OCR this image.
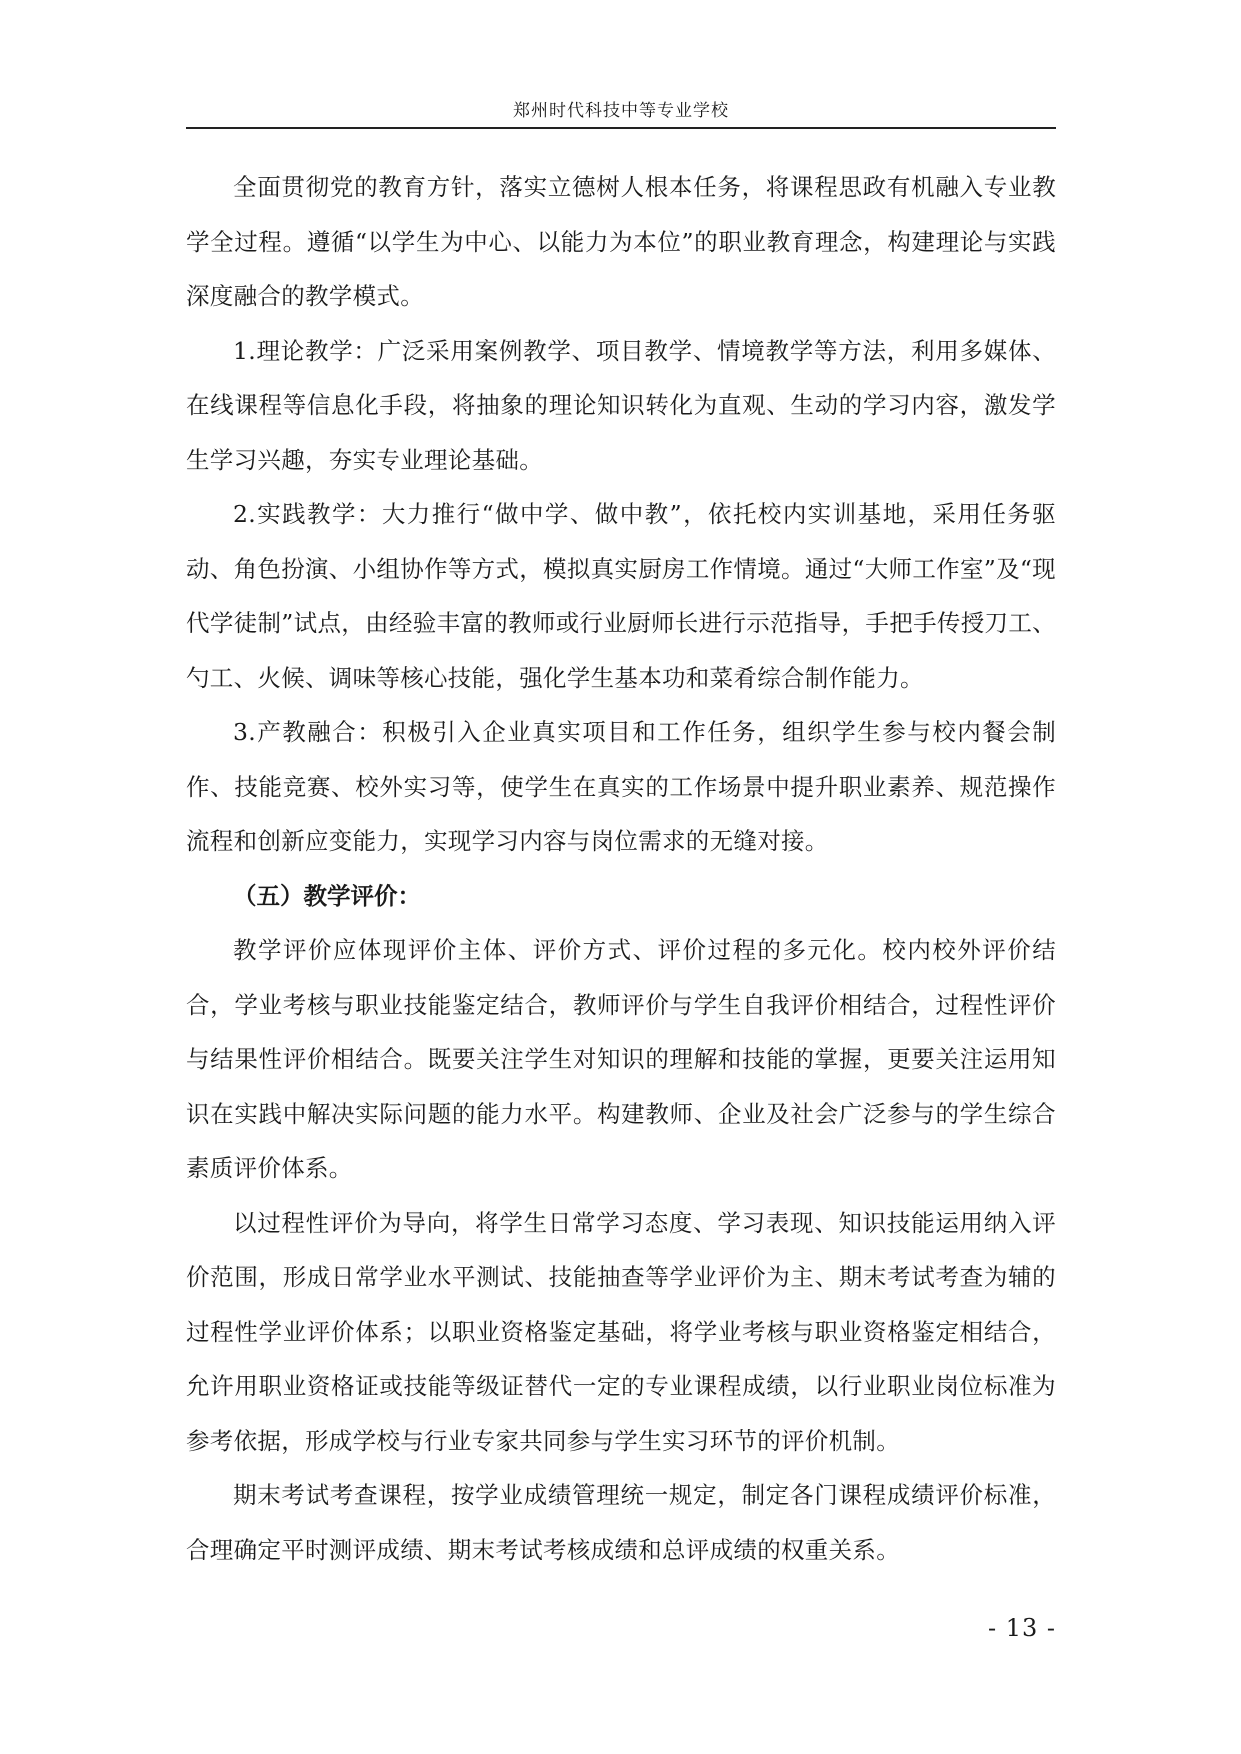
郑州时代科技中等专业学校

全面贯彻党的教育方针，落实立德树人根本任务，将课程思政有机融入专业教学全过程。遵循“以学生为中心、以能力为本位”的职业教育理念，构建理论与实践深度融合的教学模式。

1.理论教学：广泛采用案例教学、项目教学、情境教学等方法，利用多媒体、在线课程等信息化手段，将抽象的理论知识转化为直观、生动的学习内容，激发学生学习兴趣，夯实专业理论基础。

2.实践教学：大力推行“做中学、做中教”，依托校内实训基地，采用任务驱动、角色扮演、小组协作等方式，模拟真实厨房工作情境。通过“大师工作室”及“现代学徒制”试点，由经验丰富的教师或行业厨师长进行示范指导，手把手传授刀工、勺工、火候、调味等核心技能，强化学生基本功和菜肴综合制作能力。

3.产教融合：积极引入企业真实项目和工作任务，组织学生参与校内餐会制作、技能竞赛、校外实习等，使学生在真实的工作场景中提升职业素养、规范操作流程和创新应变能力，实现学习内容与岗位需求的无缝对接。

（五）教学评价：

教学评价应体现评价主体、评价方式、评价过程的多元化。校内校外评价结合，学业考核与职业技能鉴定结合，教师评价与学生自我评价相结合，过程性评价与结果性评价相结合。既要关注学生对知识的理解和技能的掌握，更要关注运用知识在实践中解决实际问题的能力水平。构建教师、企业及社会广泛参与的学生综合素质评价体系。

以过程性评价为导向，将学生日常学习态度、学习表现、知识技能运用纳入评价范围，形成日常学业水平测试、技能抽查等学业评价为主、期末考试考查为辅的过程性学业评价体系；以职业资格鉴定基础，将学业考核与职业资格鉴定相结合，允许用职业资格证或技能等级证替代一定的专业课程成绩，以行业职业岗位标准为参考依据，形成学校与行业专家共同参与学生实习环节的评价机制。

期末考试考查课程，按学业成绩管理统一规定，制定各门课程成绩评价标准，合理确定平时测评成绩、期末考试考核成绩和总评成绩的权重关系。

- 13 -
